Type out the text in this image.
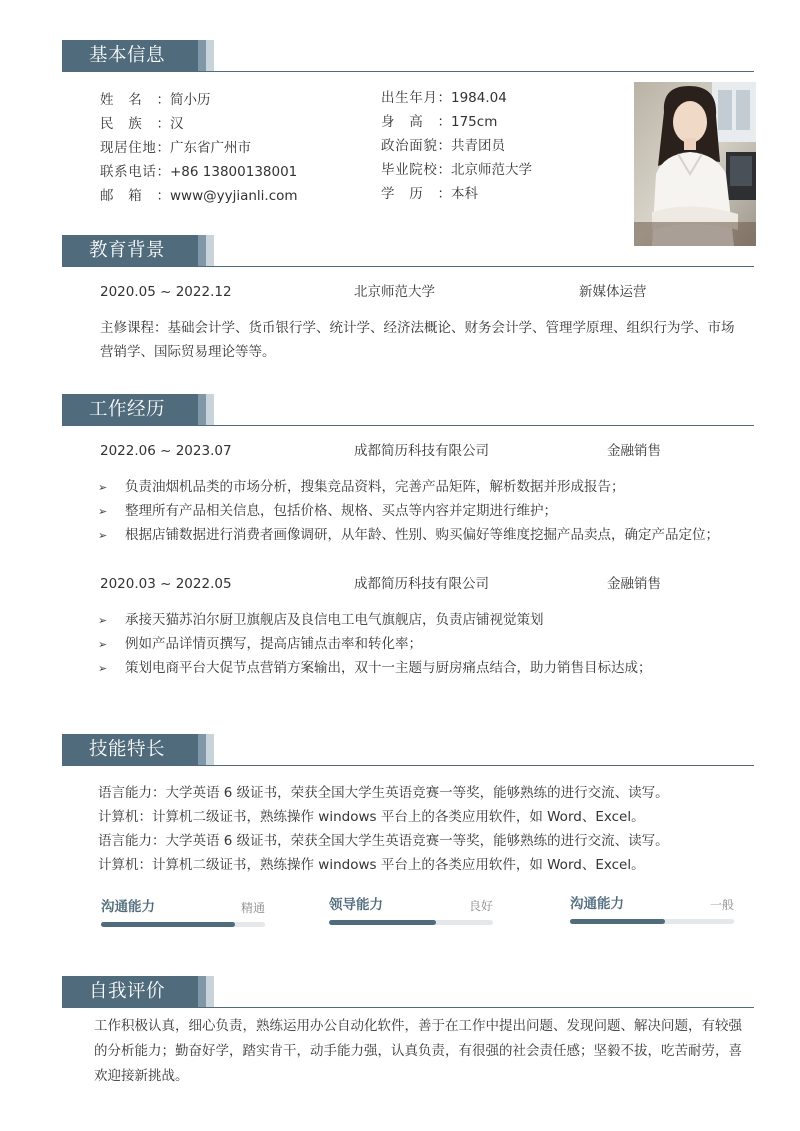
基本信息
姓名：简小历
民族：汉
现居住地：广东省广州市
联系电话：+86 13800138001
邮箱：www@yyjianli.com
出生年月：1984.04
身高：175cm
政治面貌：共青团员
毕业院校：北京师范大学
学历：本科
教育背景
2020.05 ~ 2022.12	北京师范大学	新媒体运营
主修课程：基础会计学、货币银行学、统计学、经济法概论、财务会计学、管理学原理、组织行为学、市场营销学、国际贸易理论等等。
工作经历
2022.06 ~ 2023.07	成都简历科技有限公司	金融销售
➢ 负责油烟机品类的市场分析，搜集竞品资料，完善产品矩阵，解析数据并形成报告；
➢ 整理所有产品相关信息，包括价格、规格、买点等内容并定期进行维护；
➢ 根据店铺数据进行消费者画像调研，从年龄、性别、购买偏好等维度挖掘产品卖点，确定产品定位；
2020.03 ~ 2022.05	成都简历科技有限公司	金融销售
➢ 承接天猫苏泊尔厨卫旗舰店及良信电工电气旗舰店，负责店铺视觉策划
➢ 例如产品详情页撰写，提高店铺点击率和转化率；
➢ 策划电商平台大促节点营销方案输出，双十一主题与厨房痛点结合，助力销售目标达成；
技能特长
语言能力：大学英语 6 级证书，荣获全国大学生英语竞赛一等奖，能够熟练的进行交流、读写。
计算机：计算机二级证书，熟练操作 windows 平台上的各类应用软件，如 Word、Excel。
语言能力：大学英语 6 级证书，荣获全国大学生英语竞赛一等奖，能够熟练的进行交流、读写。
计算机：计算机二级证书，熟练操作 windows 平台上的各类应用软件，如 Word、Excel。
沟通能力	精通	领导能力	良好	沟通能力	一般
自我评价
工作积极认真，细心负责，熟练运用办公自动化软件，善于在工作中提出问题、发现问题、解决问题，有较强的分析能力；勤奋好学，踏实肯干，动手能力强，认真负责，有很强的社会责任感；坚毅不拔，吃苦耐劳，喜欢迎接新挑战。
